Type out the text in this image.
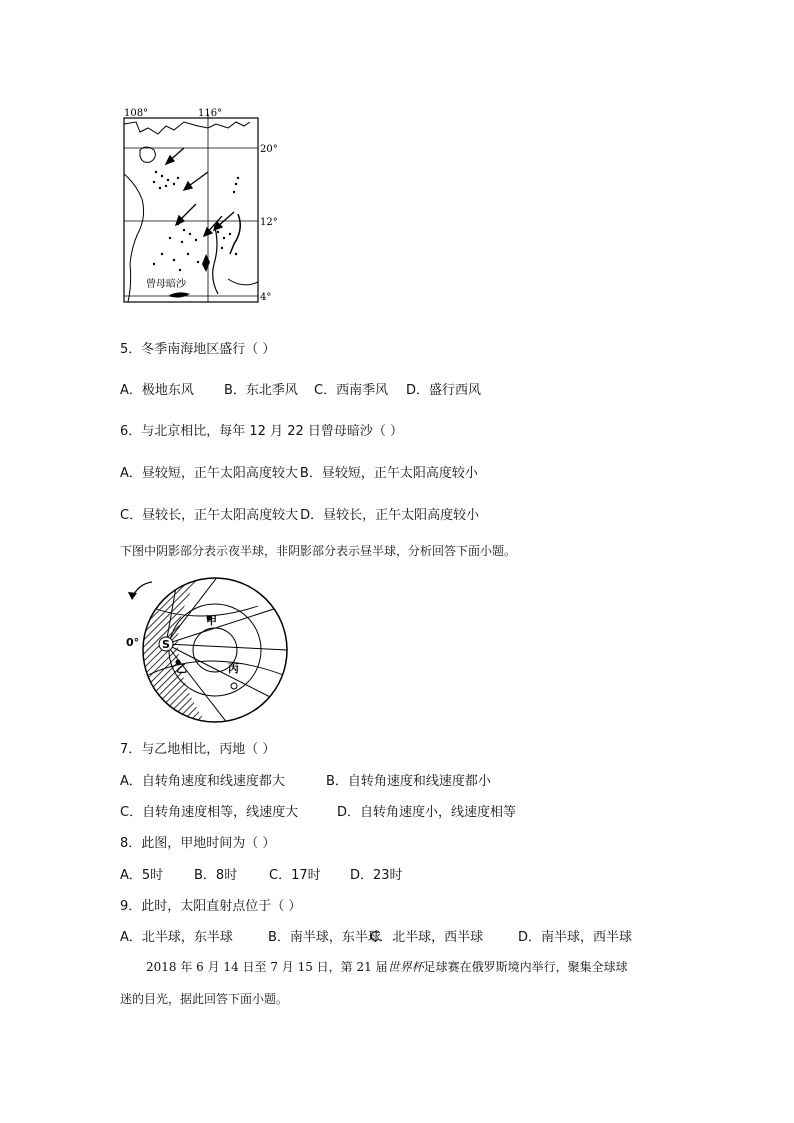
108°	116°
20°
12°
4°
曾母暗沙
5．冬季南海地区盛行（ ）
A．极地东风 B．东北季风 C．西南季风 D．盛行西风
6．与北京相比，每年 12 月 22 日曾母暗沙（ ）
A．昼较短，正午太阳高度较大 B．昼较短，正午太阳高度较小
C．昼较长，正午太阳高度较大 D．昼较长，正午太阳高度较小
下图中阴影部分表示夜半球，非阴影部分表示昼半球，分析回答下面小题。
0° S
甲
乙	丙
7．与乙地相比，丙地（ ）
A．自转角速度和线速度都大	B．自转角速度和线速度都小
C．自转角速度相等，线速度大	D．自转角速度小，线速度相等
8．此图，甲地时间为（ ）
A．5时 B．8时 C．17时 D．23时
9．此时，太阳直射点位于（ ）
A．北半球，东半球	B．南半球，东半球C．北半球，西半球	D．南半球，西半球
2018 年 6 月 14 日至 7 月 15 日，第 21 届世界杯足球赛在俄罗斯境内举行，聚集全球球
迷的目光，据此回答下面小题。
